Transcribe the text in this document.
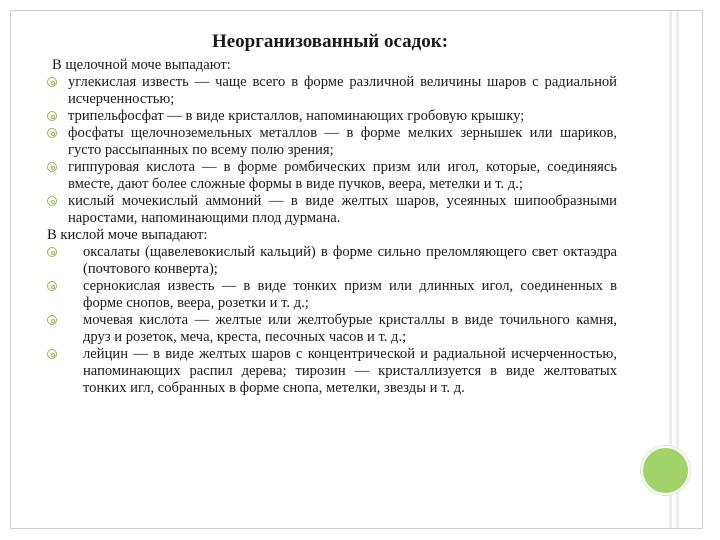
Неорганизованный осадок:
В щелочной моче выпадают:
углекислая известь — чаще всего в форме различной величины шаров с радиальной исчерченностью;
трипельфосфат — в виде кристаллов, напоминающих гробовую крышку;
фосфаты щелочноземельных металлов — в форме мелких зернышек или шариков, густо рассыпанных по всему полю зрения;
гиппуровая кислота — в форме ромбических призм или игол, которые, соединяясь вместе, дают более сложные формы в виде пучков, веера, метелки и т. д.;
кислый мочекислый аммоний — в виде желтых шаров, усеянных шипообразными наростами, напоминающими плод дурмана.
В кислой моче выпадают:
оксалаты (щавелевокислый кальций) в форме сильно преломляющего свет октаэдра (почтового конверта);
сернокислая известь — в виде тонких призм или длинных игол, соединенных в форме снопов, веера, розетки и т. д.;
мочевая кислота — желтые или желтобурые кристаллы в виде точильного камня, друз и розеток, меча, креста, песочных часов и т. д.;
лейцин — в виде желтых шаров с концентрической и радиальной исчерченностью, напоминающих распил дерева; тирозин — кристаллизуется в виде желтоватых тонких игл, собранных в форме снопа, метелки, звезды и т. д.
